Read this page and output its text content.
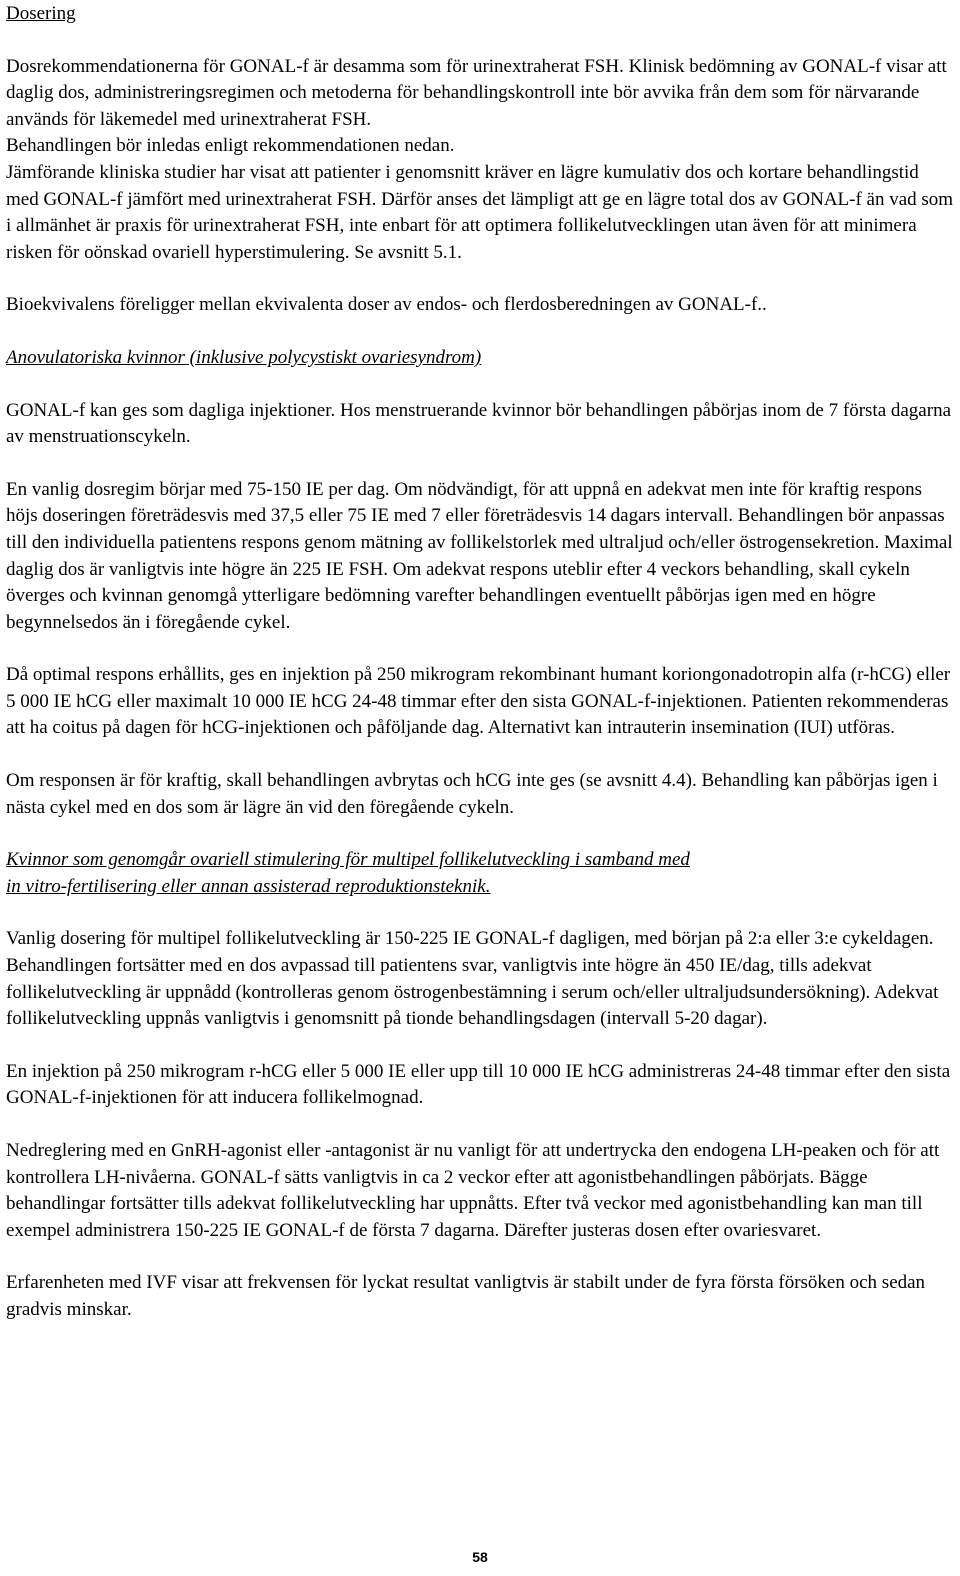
Dosering

Dosrekommendationerna för GONAL-f är desamma som för urinextraherat FSH. Klinisk bedömning av GONAL-f visar att daglig dos, administreringsregimen och metoderna för behandlingskontroll inte bör avvika från dem som för närvarande används för läkemedel med urinextraherat FSH.

Behandlingen bör inledas enligt rekommendationen nedan.

Jämförande kliniska studier har visat att patienter i genomsnitt kräver en lägre kumulativ dos och kortare behandlingstid med GONAL-f jämfört med urinextraherat FSH. Därför anses det lämpligt att ge en lägre total dos av GONAL-f än vad som i allmänhet är praxis för urinextraherat FSH, inte enbart för att optimera follikelutvecklingen utan även för att minimera risken för oönskad ovariell hyperstimulering. Se avsnitt 5.1.

Bioekvivalens föreligger mellan ekvivalenta doser av endos- och flerdosberedningen av GONAL-f..

Anovulatoriska kvinnor (inklusive polycystiskt ovariesyndrom)

GONAL-f kan ges som dagliga injektioner. Hos menstruerande kvinnor bör behandlingen påbörjas inom de 7 första dagarna av menstruationscykeln.

En vanlig dosregim börjar med 75-150 IE per dag. Om nödvändigt, för att uppnå en adekvat men inte för kraftig respons höjs doseringen företrädesvis med 37,5 eller 75 IE med 7 eller företrädesvis 14 dagars intervall. Behandlingen bör anpassas till den individuella patientens respons genom mätning av follikelstorlek med ultraljud och/eller östrogensekretion. Maximal daglig dos är vanligtvis inte högre än 225 IE FSH. Om adekvat respons uteblir efter 4 veckors behandling, skall cykeln överges och kvinnan genomgå ytterligare bedömning varefter behandlingen eventuellt påbörjas igen med en högre begynnelsedos än i föregående cykel.

Då optimal respons erhållits, ges en injektion på 250 mikrogram rekombinant humant koriongonadotropin alfa (r-hCG) eller 5 000 IE hCG eller maximalt 10 000 IE hCG 24-48 timmar efter den sista GONAL-f-injektionen. Patienten rekommenderas att ha coitus på dagen för hCG-injektionen och påföljande dag. Alternativt kan intrauterin insemination (IUI) utföras.

Om responsen är för kraftig, skall behandlingen avbrytas och hCG inte ges (se avsnitt 4.4). Behandling kan påbörjas igen i nästa cykel med en dos som är lägre än vid den föregående cykeln.

Kvinnor som genomgår ovariell stimulering för multipel follikelutveckling i samband med

in vitro-fertilisering eller annan assisterad reproduktionsteknik.

Vanlig dosering för multipel follikelutveckling är 150-225 IE GONAL-f dagligen, med början på 2:a eller 3:e cykeldagen. Behandlingen fortsätter med en dos avpassad till patientens svar, vanligtvis inte högre än 450 IE/dag, tills adekvat follikelutveckling är uppnådd (kontrolleras genom östrogenbestämning i serum och/eller ultraljudsundersökning). Adekvat follikelutveckling uppnås vanligtvis i genomsnitt på tionde behandlingsdagen (intervall 5-20 dagar).

En injektion på 250 mikrogram r-hCG eller 5 000 IE eller upp till 10 000 IE hCG administreras 24-48 timmar efter den sista GONAL-f-injektionen för att inducera follikelmognad.

Nedreglering med en GnRH-agonist eller -antagonist är nu vanligt för att undertrycka den endogena LH-peaken och för att kontrollera LH-nivåerna. GONAL-f sätts vanligtvis in ca 2 veckor efter att agonistbehandlingen påbörjats. Bägge behandlingar fortsätter tills adekvat follikelutveckling har uppnåtts. Efter två veckor med agonistbehandling kan man till exempel administrera 150-225 IE GONAL-f de första 7 dagarna. Därefter justeras dosen efter ovariesvaret.

Erfarenheten med IVF visar att frekvensen för lyckat resultat vanligtvis är stabilt under de fyra första försöken och sedan gradvis minskar.

58
